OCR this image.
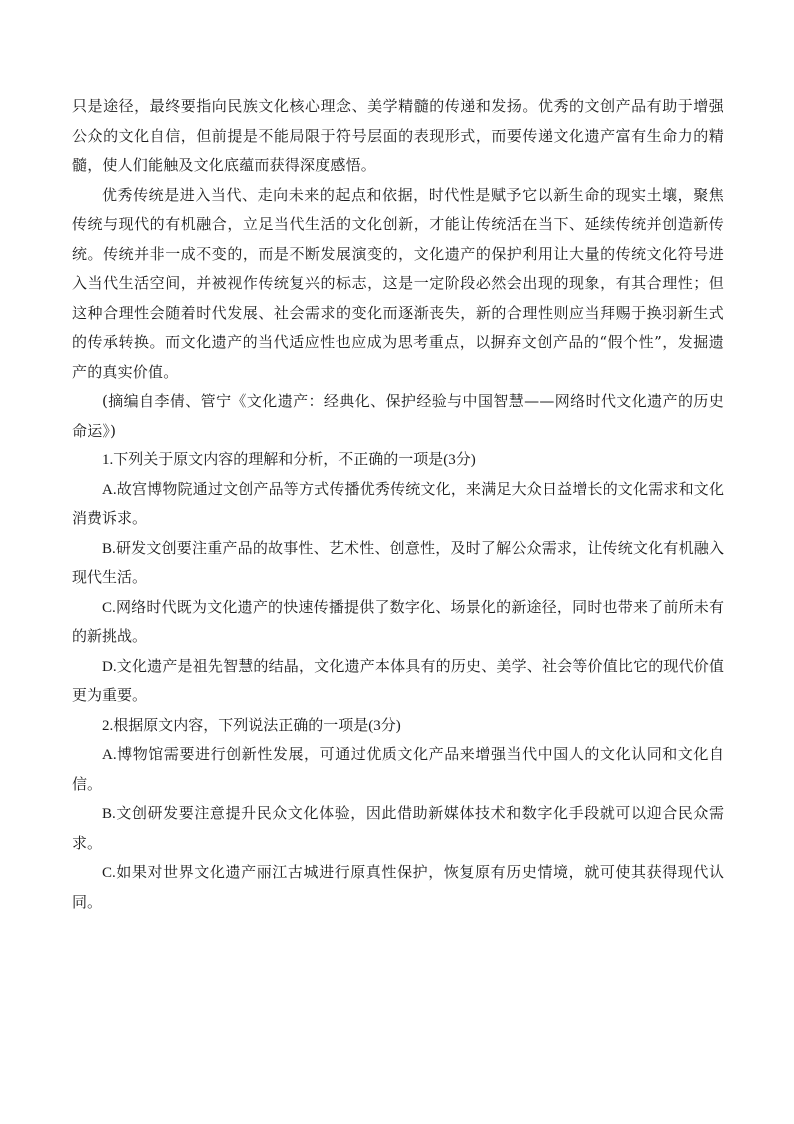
只是途径，最终要指向民族文化核心理念、美学精髓的传递和发扬。优秀的文创产品有助于增强公众的文化自信，但前提是不能局限于符号层面的表现形式，而要传递文化遗产富有生命力的精髓，使人们能触及文化底蕴而获得深度感悟。

优秀传统是进入当代、走向未来的起点和依据，时代性是赋予它以新生命的现实土壤，聚焦传统与现代的有机融合，立足当代生活的文化创新，才能让传统活在当下、延续传统并创造新传统。传统并非一成不变的，而是不断发展演变的，文化遗产的保护利用让大量的传统文化符号进入当代生活空间，并被视作传统复兴的标志，这是一定阶段必然会出现的现象，有其合理性；但这种合理性会随着时代发展、社会需求的变化而逐渐丧失，新的合理性则应当拜赐于换羽新生式的传承转换。而文化遗产的当代适应性也应成为思考重点，以摒弃文创产品的“假个性”，发掘遗产的真实价值。

(摘编自李倩、管宁《文化遗产：经典化、保护经验与中国智慧——网络时代文化遗产的历史命运》)

1.下列关于原文内容的理解和分析，不正确的一项是(3分)

A.故宫博物院通过文创产品等方式传播优秀传统文化，来满足大众日益增长的文化需求和文化消费诉求。

B.研发文创要注重产品的故事性、艺术性、创意性，及时了解公众需求，让传统文化有机融入现代生活。

C.网络时代既为文化遗产的快速传播提供了数字化、场景化的新途径，同时也带来了前所未有的新挑战。

D.文化遗产是祖先智慧的结晶，文化遗产本体具有的历史、美学、社会等价值比它的现代价值更为重要。

2.根据原文内容，下列说法正确的一项是(3分)

A.博物馆需要进行创新性发展，可通过优质文化产品来增强当代中国人的文化认同和文化自信。

B.文创研发要注意提升民众文化体验，因此借助新媒体技术和数字化手段就可以迎合民众需求。

C.如果对世界文化遗产丽江古城进行原真性保护，恢复原有历史情境，就可使其获得现代认同。
